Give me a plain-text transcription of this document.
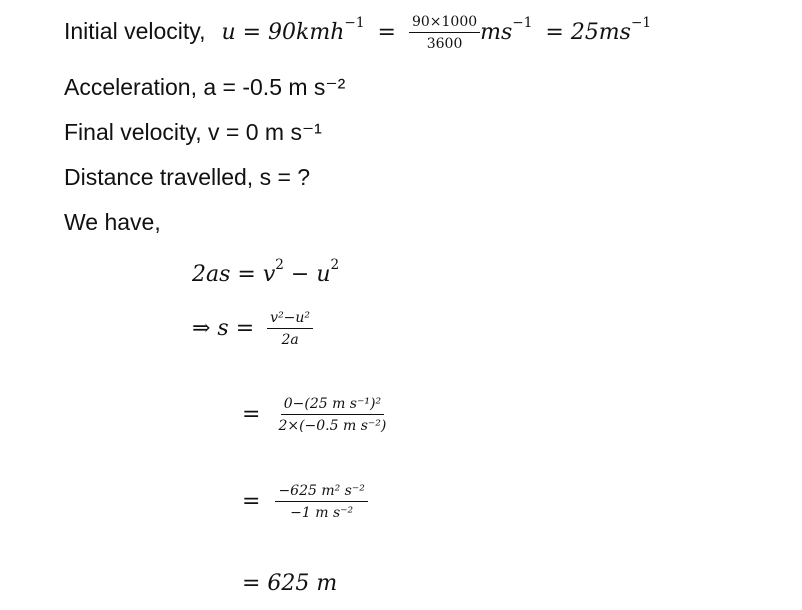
Initial velocity, $u = 90kmh^{-1} = \frac{90\times 1000}{3600} ms^{-1} = 25ms^{-1}$
Acceleration, a = -0.5 m s⁻²
Final velocity, v = 0 m s⁻¹
Distance travelled, s = ?
We have,
$2as = v^2 - u^2$
⇒ $s = \frac{\text{v²−u²}}{2a}$
= $\frac{\text{0−(25 m s⁻¹)²}}{\text{2×(−0.5 m s⁻²)}}$
= $\frac{\text{−625 m² s⁻²}}{\text{−1 m s⁻²}}$
= 625 m
